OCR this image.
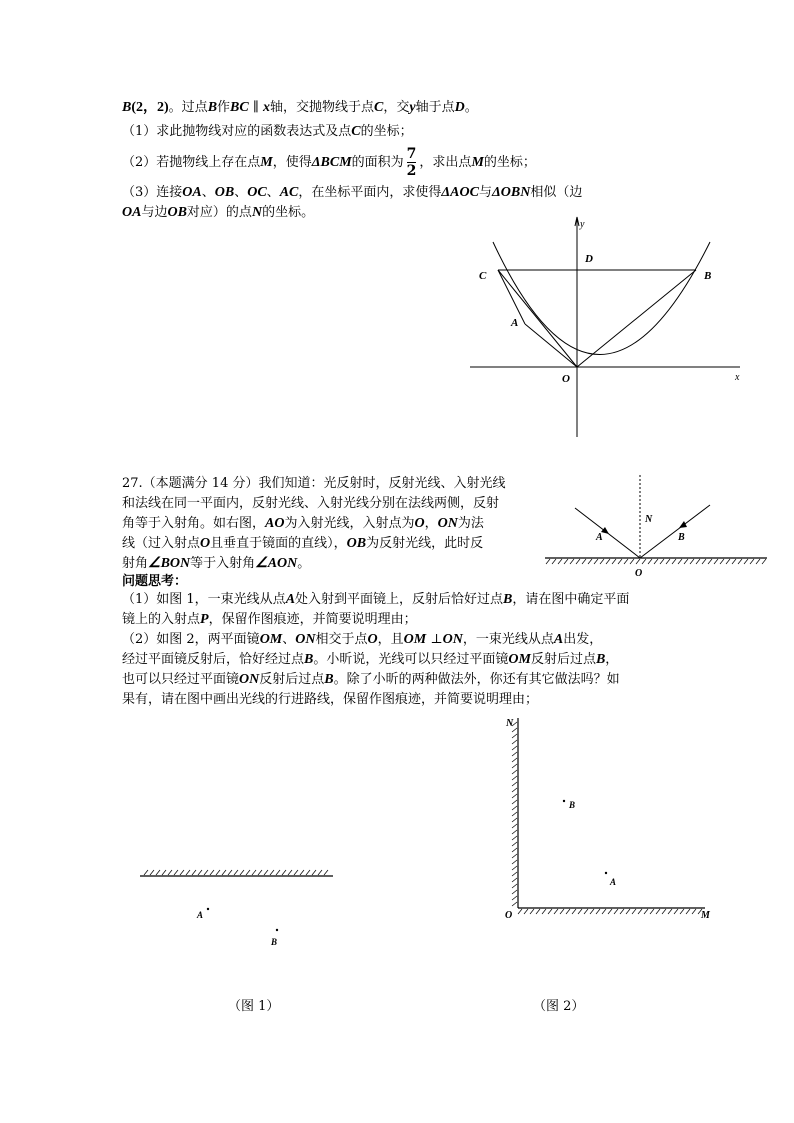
B(2，2)。过点B作BC ∥ x轴，交抛物线于点C，交y轴于点D。
（1）求此抛物线对应的函数表达式及点C的坐标；
（2）若抛物线上存在点M，使得ΔBCM的面积为 $\frac{7}{2}$ ，求出点M的坐标；
（3）连接OA、OB、OC、AC，在坐标平面内，求使得ΔAOC与ΔOBN相似（边
OA与边OB对应）的点N的坐标。
y
x
D
C	B
A
O
27.（本题满分 14 分）我们知道：光反射时，反射光线、入射光线
和法线在同一平面内，反射光线、入射光线分别在法线两侧，反射
角等于入射角。如右图，AO为入射光线，入射点为O，ON为法
线（过入射点O且垂直于镜面的直线），OB为反射光线，此时反
射角∠BON等于入射角∠AON。
问题思考：
（1）如图 1，一束光线从点A处入射到平面镜上，反射后恰好过点B，请在图中确定平面
镜上的入射点P，保留作图痕迹，并简要说明理由；
（2）如图 2，两平面镜OM、ON相交于点O，且OM ⊥ON，一束光线从点A出发，
经过平面镜反射后，恰好经过点B。小昕说，光线可以只经过平面镜OM反射后过点B，
也可以只经过平面镜ON反射后过点B。除了小昕的两种做法外，你还有其它做法吗？如
果有，请在图中画出光线的行进路线，保留作图痕迹，并简要说明理由；
N
A	B
O
A
B
（图 1）
N
B
A
O	M
（图 2）
